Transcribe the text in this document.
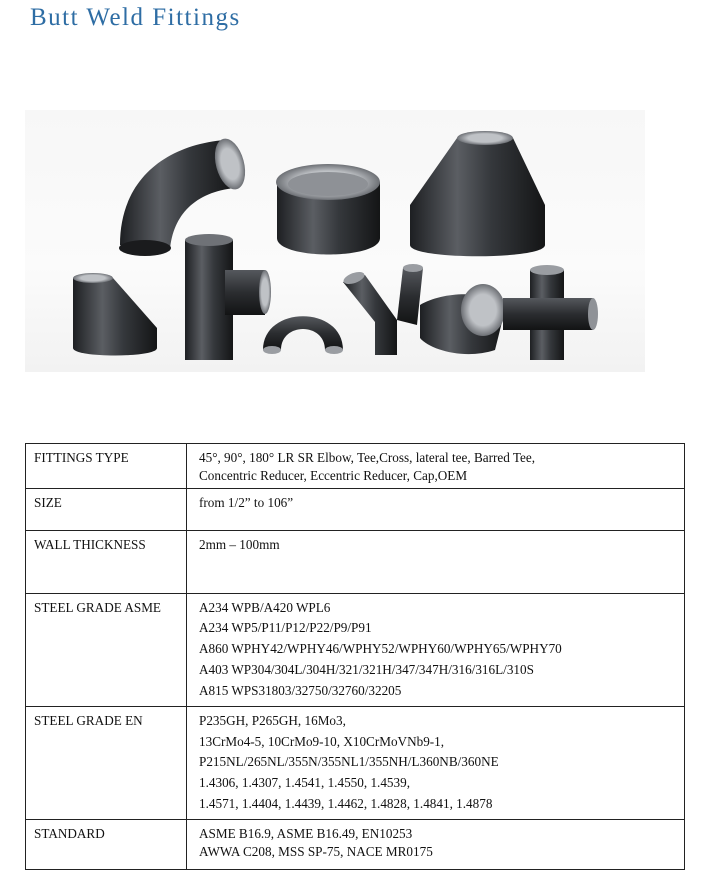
Butt Weld Fittings
FITTINGS TYPE	45°, 90°, 180° LR SR Elbow, Tee,Cross, lateral tee, Barred Tee,
Concentric Reducer, Eccentric Reducer, Cap,OEM

SIZE	from 1/2” to 106”

WALL THICKNESS	2mm – 100mm

STEEL GRADE ASME	A234 WPB/A420 WPL6
A234 WP5/P11/P12/P22/P9/P91
A860 WPHY42/WPHY46/WPHY52/WPHY60/WPHY65/WPHY70
A403 WP304/304L/304H/321/321H/347/347H/316/316L/310S
A815 WPS31803/32750/32760/32205

STEEL GRADE EN	P235GH, P265GH, 16Mo3,
13CrMo4-5, 10CrMo9-10, X10CrMoVNb9-1,
P215NL/265NL/355N/355NL1/355NH/L360NB/360NE
1.4306, 1.4307, 1.4541, 1.4550, 1.4539,
1.4571, 1.4404, 1.4439, 1.4462, 1.4828, 1.4841, 1.4878

STANDARD	ASME B16.9, ASME B16.49, EN10253
AWWA C208, MSS SP-75, NACE MR0175
